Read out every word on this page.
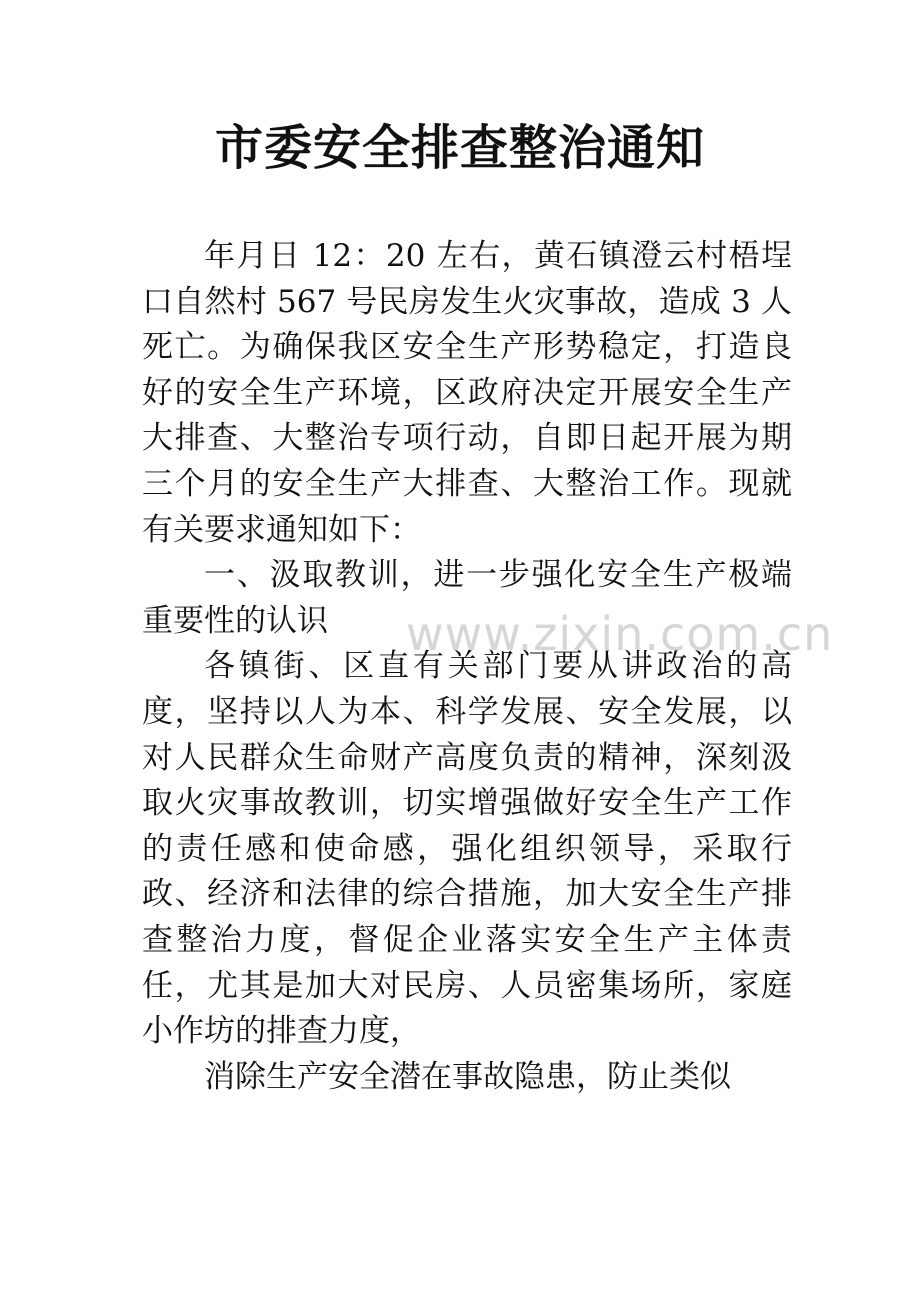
市委安全排查整治通知

年月日 12：20 左右，黄石镇澄云村梧埕口自然村 567 号民房发生火灾事故，造成 3 人死亡。为确保我区安全生产形势稳定，打造良好的安全生产环境，区政府决定开展安全生产大排查、大整治专项行动，自即日起开展为期三个月的安全生产大排查、大整治工作。现就有关要求通知如下：

一、汲取教训，进一步强化安全生产极端重要性的认识

各镇街、区直有关部门要从讲政治的高度，坚持以人为本、科学发展、安全发展，以对人民群众生命财产高度负责的精神，深刻汲取火灾事故教训，切实增强做好安全生产工作的责任感和使命感，强化组织领导，采取行政、经济和法律的综合措施，加大安全生产排查整治力度，督促企业落实安全生产主体责任，尤其是加大对民房、人员密集场所，家庭小作坊的排查力度，

消除生产安全潜在事故隐患，防止类似

www.zixin.com.cn
